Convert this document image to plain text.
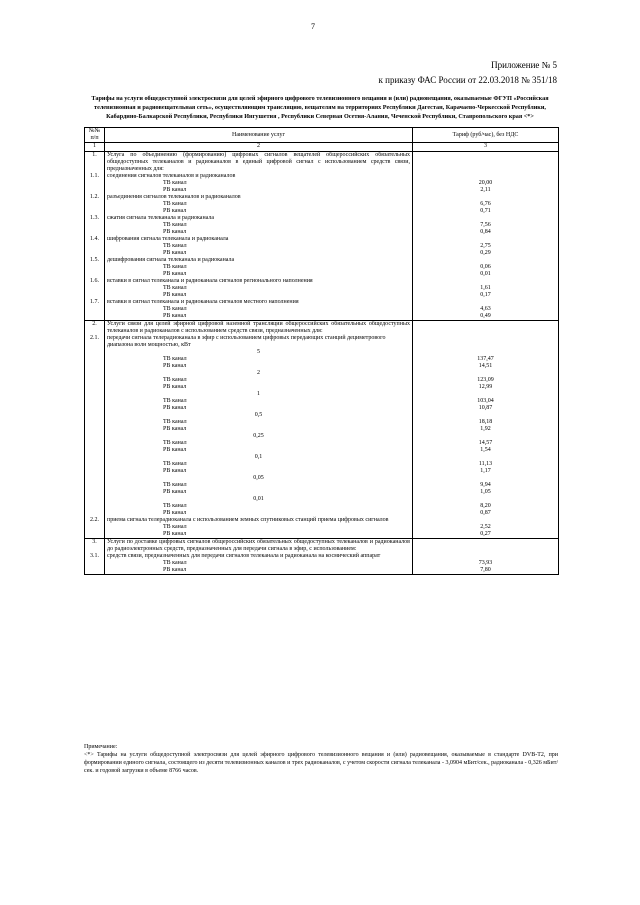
7
Приложение № 5
к приказу ФАС России от 22.03.2018 № 351/18
Тарифы на услуги общедоступной электросвязи для целей эфирного цифрового телевизионного вещания и (или) радиовещания, оказываемые ФГУП «Российская телевизионная и радиовещательная сеть», осуществляющим трансляцию, вещателям на территориях Республики Дагестан, Карачаево-Черкесской Республики, Кабардино-Балкарской Республики, Республики Ингушетия , Республики Северная Осетия-Алания, Чеченской Республики, Ставропольского края <*>
№№ п/п	Наименование услуг	Тариф (руб/час), без НДС
1	2	3
1.	Услуга по объединению (формированию) цифровых сигналов вещателей общероссийских обязательных общедоступных телеканалов и радиоканалов в единый цифровой сигнал с использованием средств связи, предназначенных для:	
1.1.	соединения сигналов телеканалов и радиоканалов	
	ТВ канал	20,00
	РВ канал	2,11
1.2.	разъединения сигналов телеканалов и радиоканалов	
	ТВ канал	6,76
	РВ канал	0,71
1.3.	сжатия сигнала телеканала и радиоканала	
	ТВ канал	7,56
	РВ канал	0,84
1.4.	шифрования сигнала телеканала и радиоканала	
	ТВ канал	2,75
	РВ канал	0,29
1.5.	дешифрования сигнала телеканала и радиоканала	
	ТВ канал	0,06
	РВ канал	0,01
1.6.	вставки в сигнал телеканала и радиоканала сигналов регионального наполнения	
	ТВ канал	1,61
	РВ канал	0,17
1.7.	вставки в сигнал телеканала и радиоканала сигналов местного наполнения	
	ТВ канал	4,63
	РВ канал	0,49
2.	Услуги связи для целей эфирной цифровой наземной трансляции общероссийских обязательных общедоступных телеканалов и радиоканалов с использованием средств связи, предназначенных для:	
2.1.	передачи сигнала телерадиоканала в эфир с использованием цифровых передающих станций дециметрового диапазона волн мощностью, кВт	

	5	
	ТВ канал	137,47
	РВ канал	14,51
	2	
	ТВ канал	123,09
	РВ канал	12,99
	1	
	ТВ канал	103,04
	РВ канал	10,87
	0,5	
	ТВ канал	18,18
	РВ канал	1,92
	0,25	
	ТВ канал	14,57
	РВ канал	1,54
	0,1	
	ТВ канал	11,13
	РВ канал	1,17
	0,05	
	ТВ канал	9,94
	РВ канал	1,05
	0,01	
	ТВ канал	8,20
	РВ канал	0,87
2.2.	приема сигнала телерадиоканала с использованием земных спутниковых станций приема цифровых сигналов	
	ТВ канал	2,52
	РВ канал	0,27
3.	Услуги по доставке цифровых сигналов общероссийских обязательных общедоступных телеканалов и радиоканалов до радиоэлектронных средств, предназначенных для передачи сигнала в эфир, с использованием:	
3.1.	средств связи, предназначенных для передачи сигналов телеканала и радиоканала на космический аппарат	
	ТВ канал	73,93
	РВ канал	7,80
Примечание:
<*> Тарифы на услуги общедоступной электросвязи для целей эфирного цифрового телевизионного вещания и (или) радиовещания, оказываемые в стандарте DVB-T2, при формировании единого сигнала, состоящего из десяти телевизионных каналов и трех радиоканалов, с учетом скорости сигнала телеканала - 3,0904 мБит/сек., радиоканала - 0,326 мБит/сек. и годовой загрузки в объеме 8766 часов.
